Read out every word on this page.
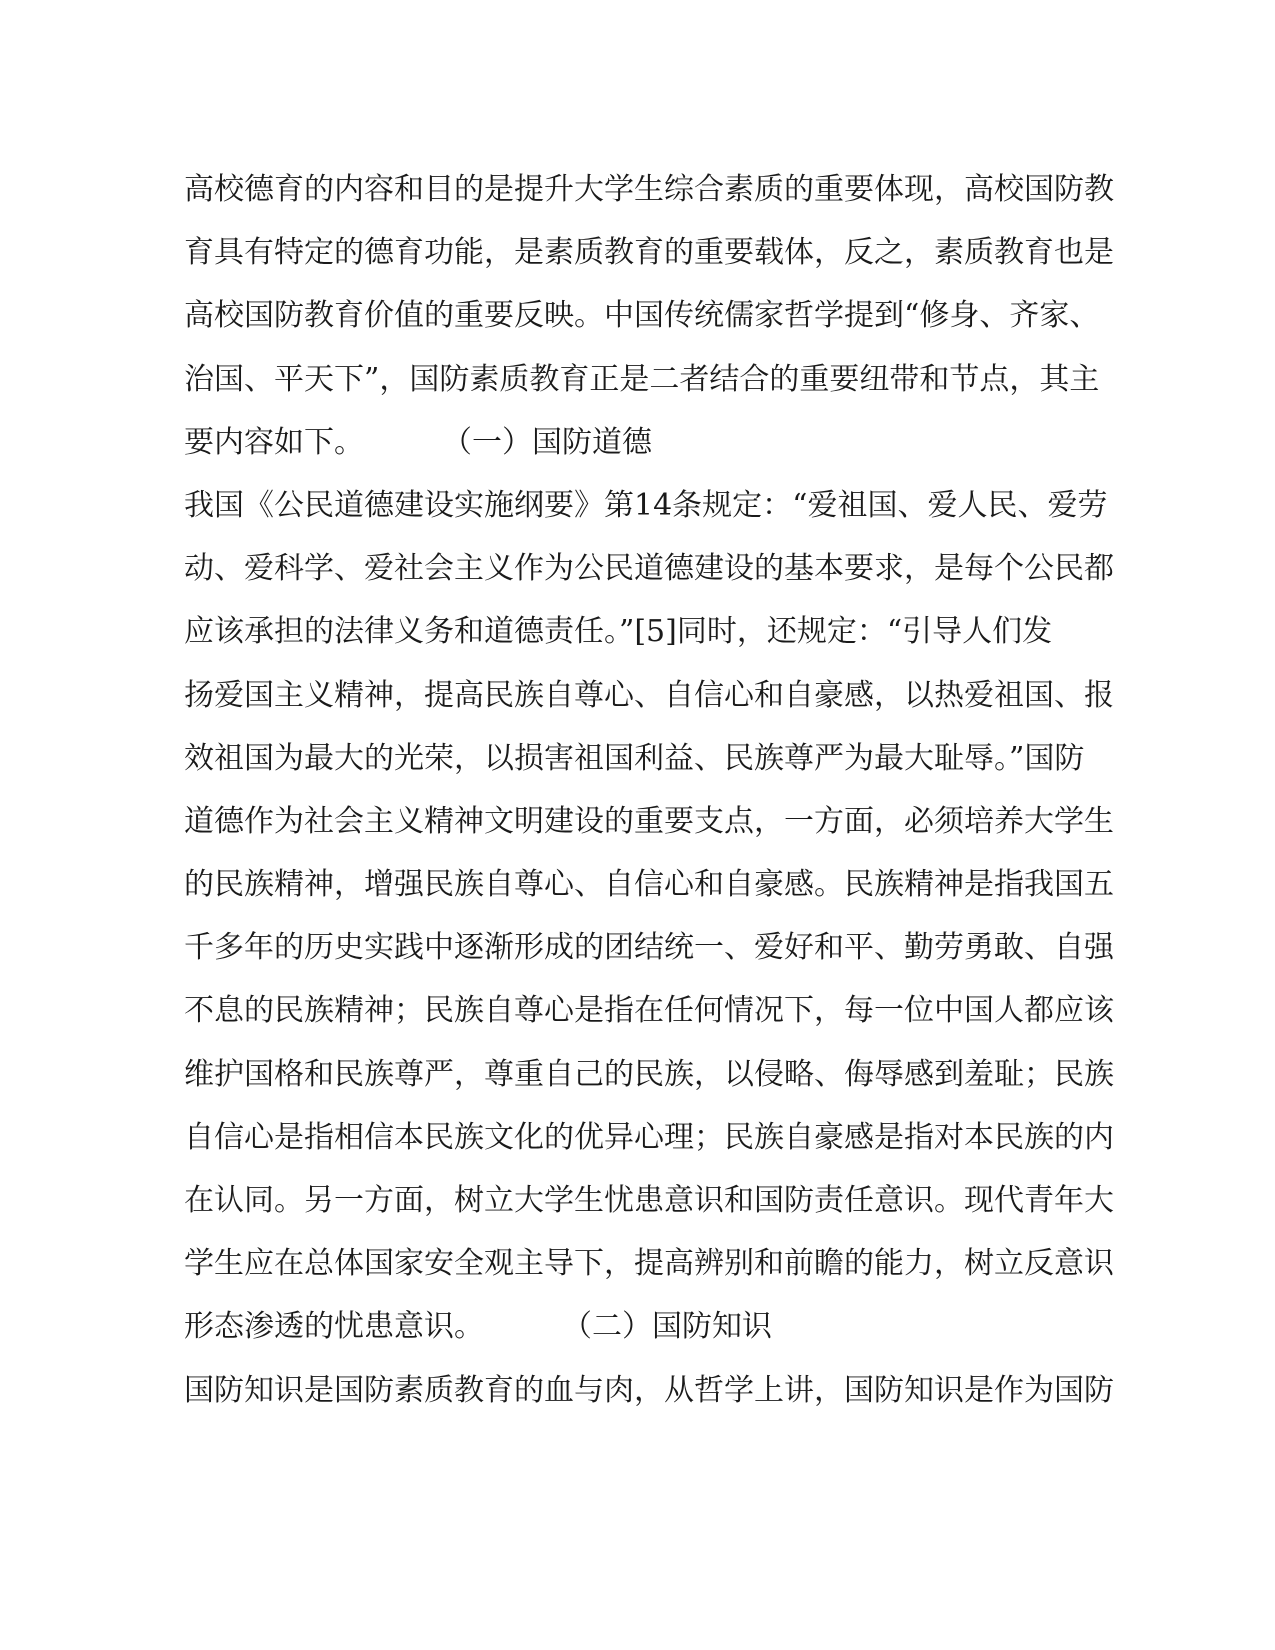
高校德育的内容和目的是提升大学生综合素质的重要体现，高校国防教
育具有特定的德育功能，是素质教育的重要载体，反之，素质教育也是
高校国防教育价值的重要反映。中国传统儒家哲学提到“修身、齐家、
治国、平天下”，国防素质教育正是二者结合的重要纽带和节点，其主
要内容如下。	（一）国防道德
我国《公民道德建设实施纲要》第14条规定：“爱祖国、爱人民、爱劳
动、爱科学、爱社会主义作为公民道德建设的基本要求，是每个公民都
应该承担的法律义务和道德责任。”[5]同时，还规定：“引导人们发
扬爱国主义精神，提高民族自尊心、自信心和自豪感，以热爱祖国、报
效祖国为最大的光荣，以损害祖国利益、民族尊严为最大耻辱。”国防
道德作为社会主义精神文明建设的重要支点，一方面，必须培养大学生
的民族精神，增强民族自尊心、自信心和自豪感。民族精神是指我国五
千多年的历史实践中逐渐形成的团结统一、爱好和平、勤劳勇敢、自强
不息的民族精神；民族自尊心是指在任何情况下，每一位中国人都应该
维护国格和民族尊严，尊重自己的民族，以侵略、侮辱感到羞耻；民族
自信心是指相信本民族文化的优异心理；民族自豪感是指对本民族的内
在认同。另一方面，树立大学生忧患意识和国防责任意识。现代青年大
学生应在总体国家安全观主导下，提高辨别和前瞻的能力，树立反意识
形态渗透的忧患意识。	（二）国防知识
国防知识是国防素质教育的血与肉，从哲学上讲，国防知识是作为国防
